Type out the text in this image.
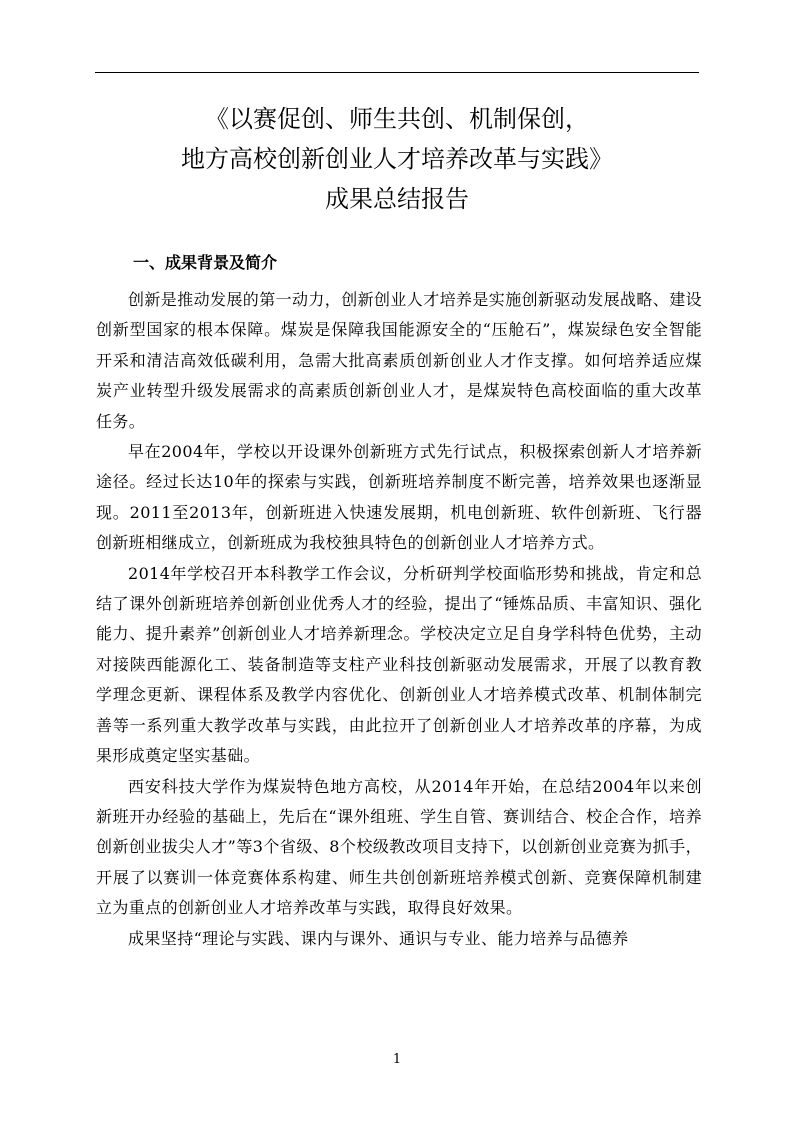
《以赛促创、师生共创、机制保创，
地方高校创新创业人才培养改革与实践》
成果总结报告
一、成果背景及简介

创新是推动发展的第一动力，创新创业人才培养是实施创新驱动发展战略、建设创新型国家的根本保障。煤炭是保障我国能源安全的“压舱石”，煤炭绿色安全智能开采和清洁高效低碳利用，急需大批高素质创新创业人才作支撑。如何培养适应煤炭产业转型升级发展需求的高素质创新创业人才，是煤炭特色高校面临的重大改革任务。

早在2004年，学校以开设课外创新班方式先行试点，积极探索创新人才培养新途径。经过长达10年的探索与实践，创新班培养制度不断完善，培养效果也逐渐显现。2011至2013年，创新班进入快速发展期，机电创新班、软件创新班、飞行器创新班相继成立，创新班成为我校独具特色的创新创业人才培养方式。

2014年学校召开本科教学工作会议，分析研判学校面临形势和挑战，肯定和总结了课外创新班培养创新创业优秀人才的经验，提出了“锤炼品质、丰富知识、强化能力、提升素养”创新创业人才培养新理念。学校决定立足自身学科特色优势，主动对接陕西能源化工、装备制造等支柱产业科技创新驱动发展需求，开展了以教育教学理念更新、课程体系及教学内容优化、创新创业人才培养模式改革、机制体制完善等一系列重大教学改革与实践，由此拉开了创新创业人才培养改革的序幕，为成果形成奠定坚实基础。

西安科技大学作为煤炭特色地方高校，从2014年开始，在总结2004年以来创新班开办经验的基础上，先后在“课外组班、学生自管、赛训结合、校企合作，培养创新创业拔尖人才”等3个省级、8个校级教改项目支持下，以创新创业竞赛为抓手，开展了以赛训一体竞赛体系构建、师生共创创新班培养模式创新、竞赛保障机制建立为重点的创新创业人才培养改革与实践，取得良好效果。

成果坚持“理论与实践、课内与课外、通识与专业、能力培养与品德养

1
